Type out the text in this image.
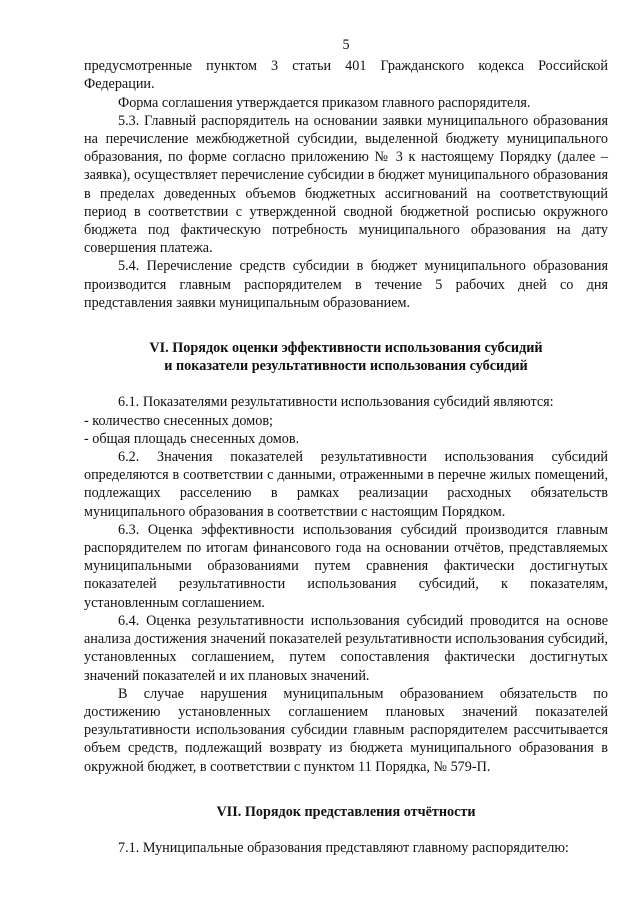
5

предусмотренные пунктом 3 статьи 401 Гражданского кодекса Российской Федерации.

Форма соглашения утверждается приказом главного распорядителя.

5.3. Главный распорядитель на основании заявки муниципального образования на перечисление межбюджетной субсидии, выделенной бюджету муниципального образования, по форме согласно приложению № 3 к настоящему Порядку (далее – заявка), осуществляет перечисление субсидии в бюджет муниципального образования в пределах доведенных объемов бюджетных ассигнований на соответствующий период в соответствии с утвержденной сводной бюджетной росписью окружного бюджета под фактическую потребность муниципального образования на дату совершения платежа.

5.4. Перечисление средств субсидии в бюджет муниципального образования производится главным распорядителем в течение 5 рабочих дней со дня представления заявки муниципальным образованием.

VI. Порядок оценки эффективности использования субсидий
и показатели результативности использования субсидий

6.1. Показателями результативности использования субсидий являются:

- количество снесенных домов;

- общая площадь снесенных домов.

6.2. Значения показателей результативности использования субсидий определяются в соответствии с данными, отраженными в перечне жилых помещений, подлежащих расселению в рамках реализации расходных обязательств муниципального образования в соответствии с настоящим Порядком.

6.3. Оценка эффективности использования субсидий производится главным распорядителем по итогам финансового года на основании отчётов, представляемых муниципальными образованиями путем сравнения фактически достигнутых показателей результативности использования субсидий, к показателям, установленным соглашением.

6.4. Оценка результативности использования субсидий проводится на основе анализа достижения значений показателей результативности использования субсидий, установленных соглашением, путем сопоставления фактически достигнутых значений показателей и их плановых значений.

В случае нарушения муниципальным образованием обязательств по достижению установленных соглашением плановых значений показателей результативности использования субсидии главным распорядителем рассчитывается объем средств, подлежащий возврату из бюджета муниципального образования в окружной бюджет, в соответствии с пунктом 11 Порядка, № 579-П.

VII. Порядок представления отчётности

7.1. Муниципальные образования представляют главному распорядителю:
